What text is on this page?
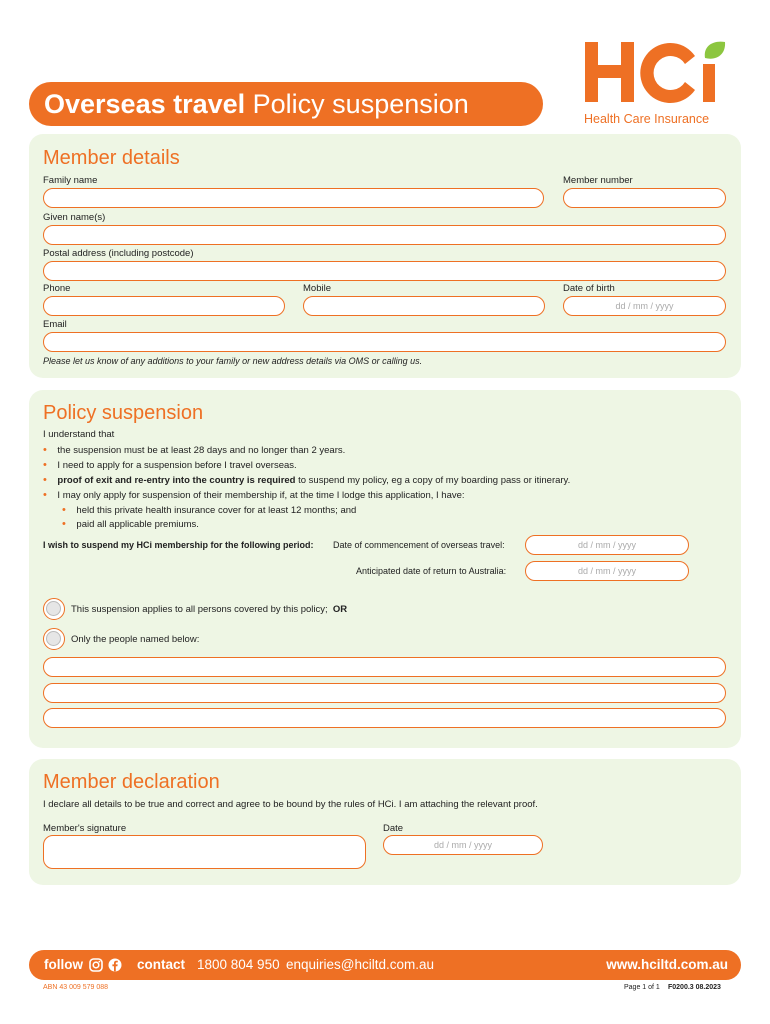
Overseas travel Policy suspension	Health Care Insurance
Member details
Family name	Member number
Given name(s)
Postal address (including postcode)
Phone	Mobile	Date of birth
dd / mm / yyyy
Email
Please let us know of any additions to your family or new address details via OMS or calling us.
Policy suspension
I understand that
• the suspension must be at least 28 days and no longer than 2 years.
• I need to apply for a suspension before I travel overseas.
• proof of exit and re-entry into the country is required to suspend my policy, eg a copy of my boarding pass or itinerary.
• I may only apply for suspension of their membership if, at the time I lodge this application, I have:
• held this private health insurance cover for at least 12 months; and
• paid all applicable premiums.
I wish to suspend my HCi membership for the following period: Date of commencement of overseas travel:	dd / mm / yyyy
Anticipated date of return to Australia:	dd / mm / yyyy
This suspension applies to all persons covered by this policy; OR
Only the people named below:
Member declaration
I declare all details to be true and correct and agree to be bound by the rules of HCi. I am attaching the relevant proof.
Member's signature	Date
dd / mm / yyyy
follow	contact 1800 804 950 enquiries@hciltd.com.au	www.hciltd.com.au
ABN 43 009 579 088	Page 1 of 1 F0200.3 08.2023
